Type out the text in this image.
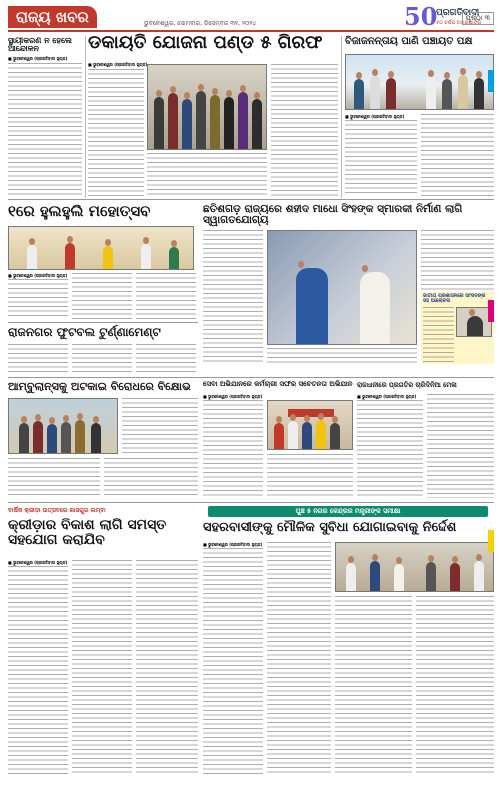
ରାଜ୍ୟ ଖବର	ଭୁବନେଶ୍ୱର, ସୋମବାର, ଡିସେମ୍ବର ୩୧, ୨୦୨୪	50
ପ୍ରଗତିବାଦୀ
୫୦ ବର୍ଷର ଅଗ୍ରଯାତ୍ରା
ପୃଷ୍ଠା ୩
ସ୍ଥାୟୀକରଣ ନ ହେଲେ ଆନ୍ଦୋଳନ
■ ଭୁବନେଶ୍ୱର (ପ୍ରଗତିବାଦୀ ନ୍ୟୁଜ)
ଡକାୟତି ଯୋଜନା ପଣ୍ଡ ୫ ଗିରଫ
■ ଭୁବନେଶ୍ୱର (ପ୍ରଗତିବାଦୀ ନ୍ୟୁଜ)
ବିଜାଜନନ୍ତାୟ ପାଣି ପଞ୍ଚାୟତ ପକ୍ଷ
■ ଭୁବନେଶ୍ୱର (ପ୍ରଗତିବାଦୀ ନ୍ୟୁଜ)
୧ରେ ହୁଲହୁଲି ମହୋତ୍ସବ
■ ଭୁବନେଶ୍ୱର (ପ୍ରଗତିବାଦୀ ନ୍ୟୁଜ)
ଛତିଶଗଡ଼ ରାଜ୍ୟରେ ଶହୀଦ ମାଧୋ ସିଂହଙ୍କ ସ୍ମାରକୀ ନିର୍ମାଣ ଲାଗି ସ୍ୱାଗତଯୋଗ୍ୟ
ଜାତୀୟ ପ୍ରଶାସନରେ ସାଂସଦଙ୍କ ସହ ଆଲୋଚନା
ରାଜନଗର ଫୁଟବଲ ଟୁର୍ଣ୍ଣାମେଣ୍ଟ
ଆମ୍ବୁଲାନ୍ସକୁ ଅଟକାଇ ବିରୋଧରେ ବିକ୍ଷୋଭ	ସେବା ଅଭିଯାନରେ କର୍ମଚାରୀ ସଙ୍ଘର ସଚେତନତା ଅଭିଯାନ
■ ଭୁବନେଶ୍ୱର (ପ୍ରଗତିବାଦୀ ନ୍ୟୁଜ)
ରାଜଧାନୀରେ ପ୍ରଗତିର ଚାରିଦିନିଆ ମେଳା
■ ଭୁବନେଶ୍ୱର (ପ୍ରଗତିବାଦୀ ନ୍ୟୁଜ)
ବାର୍ଷିକ କ୍ରୀଡ଼ା ଉତ୍ସବରେ ଖାସଗୁର ଲମ୍ବା
କ୍ରୀଡ଼ାର ବିକାଶ ଲାଗି ସମସ୍ତ ସହଯୋଗ କରାଯିବ
■ ଭୁବନେଶ୍ୱର (ପ୍ରଗତିବାଦୀ ନ୍ୟୁଜ)
ଘୁଞ୍ଚ ୫ ନଗର କେନ୍ଦ୍ରର ମନ୍ତ୍ରୀଙ୍କ ସମୀକ୍ଷା
ସହରବାସୀଙ୍କୁ ମୌଳିକ ସୁବିଧା ଯୋଗାଇବାକୁ ନିର୍ଦ୍ଦେଶ
■ ଭୁବନେଶ୍ୱର (ପ୍ରଗତିବାଦୀ ନ୍ୟୁଜ)
